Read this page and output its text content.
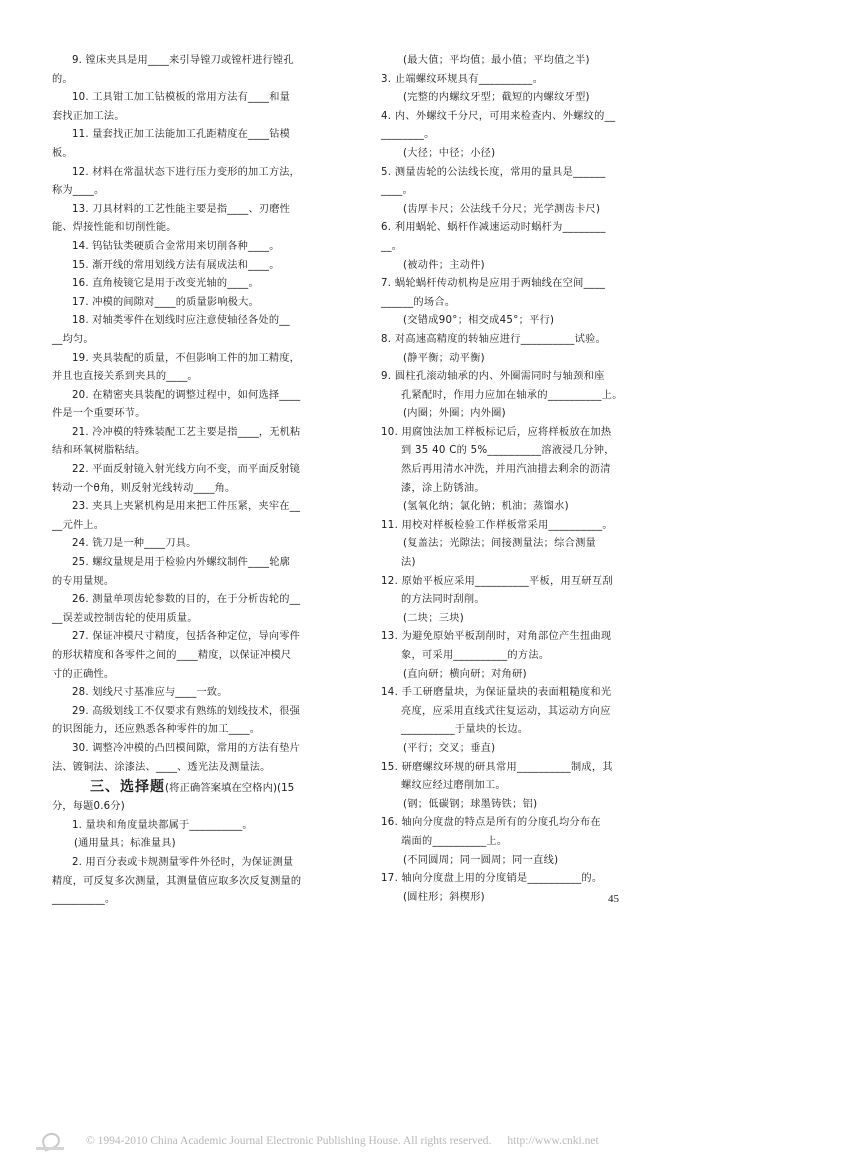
9. 镗床夹具是用____来引导镗刀或镗杆进行镗孔
的。
10. 工具钳工加工钻模板的常用方法有____和量
套找正加工法。
11. 量套找正加工法能加工孔距精度在____钻模
板。
12. 材料在常温状态下进行压力变形的加工方法，
称为____。
13. 刀具材料的工艺性能主要是指____、刃磨性
能、焊接性能和切削性能。
14. 钨钴钛类硬质合金常用来切削各种____。
15. 渐开线的常用划线方法有展成法和____。
16. 直角棱镜它是用于改变光轴的____。
17. 冲模的间隙对____的质量影响极大。
18. 对轴类零件在划线时应注意使轴径各处的__
__均匀。
19. 夹具装配的质量，不但影响工件的加工精度，
并且也直接关系到夹具的____。
20. 在精密夹具装配的调整过程中，如何选择____
件是一个重要环节。
21. 冷冲模的特殊装配工艺主要是指____，无机粘
结和环氧树脂粘结。
22. 平面反射镜入射光线方向不变，而平面反射镜
转动一个θ角，则反射光线转动____角。
23. 夹具上夹紧机构是用来把工件压紧，夹牢在__
__元件上。
24. 铣刀是一种____刀具。
25. 螺纹量规是用于检验内外螺纹制件____轮廓
的专用量规。
26. 测量单项齿轮参数的目的，在于分析齿轮的__
__误差或控制齿轮的使用质量。
27. 保证冲模尺寸精度，包括各种定位，导向零件
的形状精度和各零件之间的____精度，以保证冲模尺
寸的正确性。
28. 划线尺寸基准应与____一致。
29. 高级划线工不仅要求有熟练的划线技术，很强
的识图能力，还应熟悉各种零件的加工____。
30. 调整冷冲模的凸凹模间隙，常用的方法有垫片
法、镀铜法、涂漆法、____、透光法及测量法。
三、选择题(将正确答案填在空格内)(15
分，每题0.6分)
1. 量块和角度量块都属于__________。
(通用量具；标准量具)
2. 用百分表或卡规测量零件外径时，为保证测量
精度，可反复多次测量，其测量值应取多次反复测量的
__________。
(最大值；平均值；最小值；平均值之半)
3. 止端螺纹环规具有__________。
(完整的内螺纹牙型；截短的内螺纹牙型)
4. 内、外螺纹千分尺，可用来检查内、外螺纹的__
________。
(大径；中径；小径)
5. 测量齿轮的公法线长度，常用的量具是______
____。
(齿厚卡尺；公法线千分尺；光学测齿卡尺)
6. 利用蜗轮、蜗杆作减速运动时蜗杆为________
__。
(被动件；主动件)
7. 蜗轮蜗杆传动机构是应用于两轴线在空间____
______的场合。
(交错成90°；相交成45°；平行)
8. 对高速高精度的转轴应进行__________试验。
(静平衡；动平衡)
9. 圆柱孔滚动轴承的内、外圈需同时与轴颈和座
孔紧配时，作用力应加在轴承的__________上。
(内圈；外圈；内外圈)
10. 用腐蚀法加工样板标记后，应将样板放在加热
到 35 40 C的 5%__________溶液浸几分钟，
然后再用清水冲洗，并用汽油措去剩余的沥清
漆，涂上防锈油。
(氢氧化纳；氯化钠；机油；蒸馏水)
11. 用校对样板检验工作样板常采用__________。
(复盖法；光隙法；间接测量法；综合测量
法)
12. 原始平板应采用__________平板，用互研互刮
的方法同时刮削。
(二块；三块)
13. 为避免原始平板刮削时，对角部位产生扭曲现
象，可采用__________的方法。
(直向研；横向研；对角研)
14. 手工研磨量块，为保证量块的表面粗糙度和光
亮度，应采用直线式往复运动，其运动方向应
__________于量块的长边。
(平行；交叉；垂直)
15. 研磨螺纹环规的研具常用__________制成，其
螺纹应经过磨削加工。
(钢；低碳钢；球墨铸铁；铝)
16. 轴向分度盘的特点是所有的分度孔均分布在
端面的__________上。
(不同圆周；同一圆周；同一直线)
17. 轴向分度盘上用的分度销是__________的。
(圆柱形；斜楔形)	45
© 1994-2010 China Academic Journal Electronic Publishing House. All rights reserved. http://www.cnki.net
